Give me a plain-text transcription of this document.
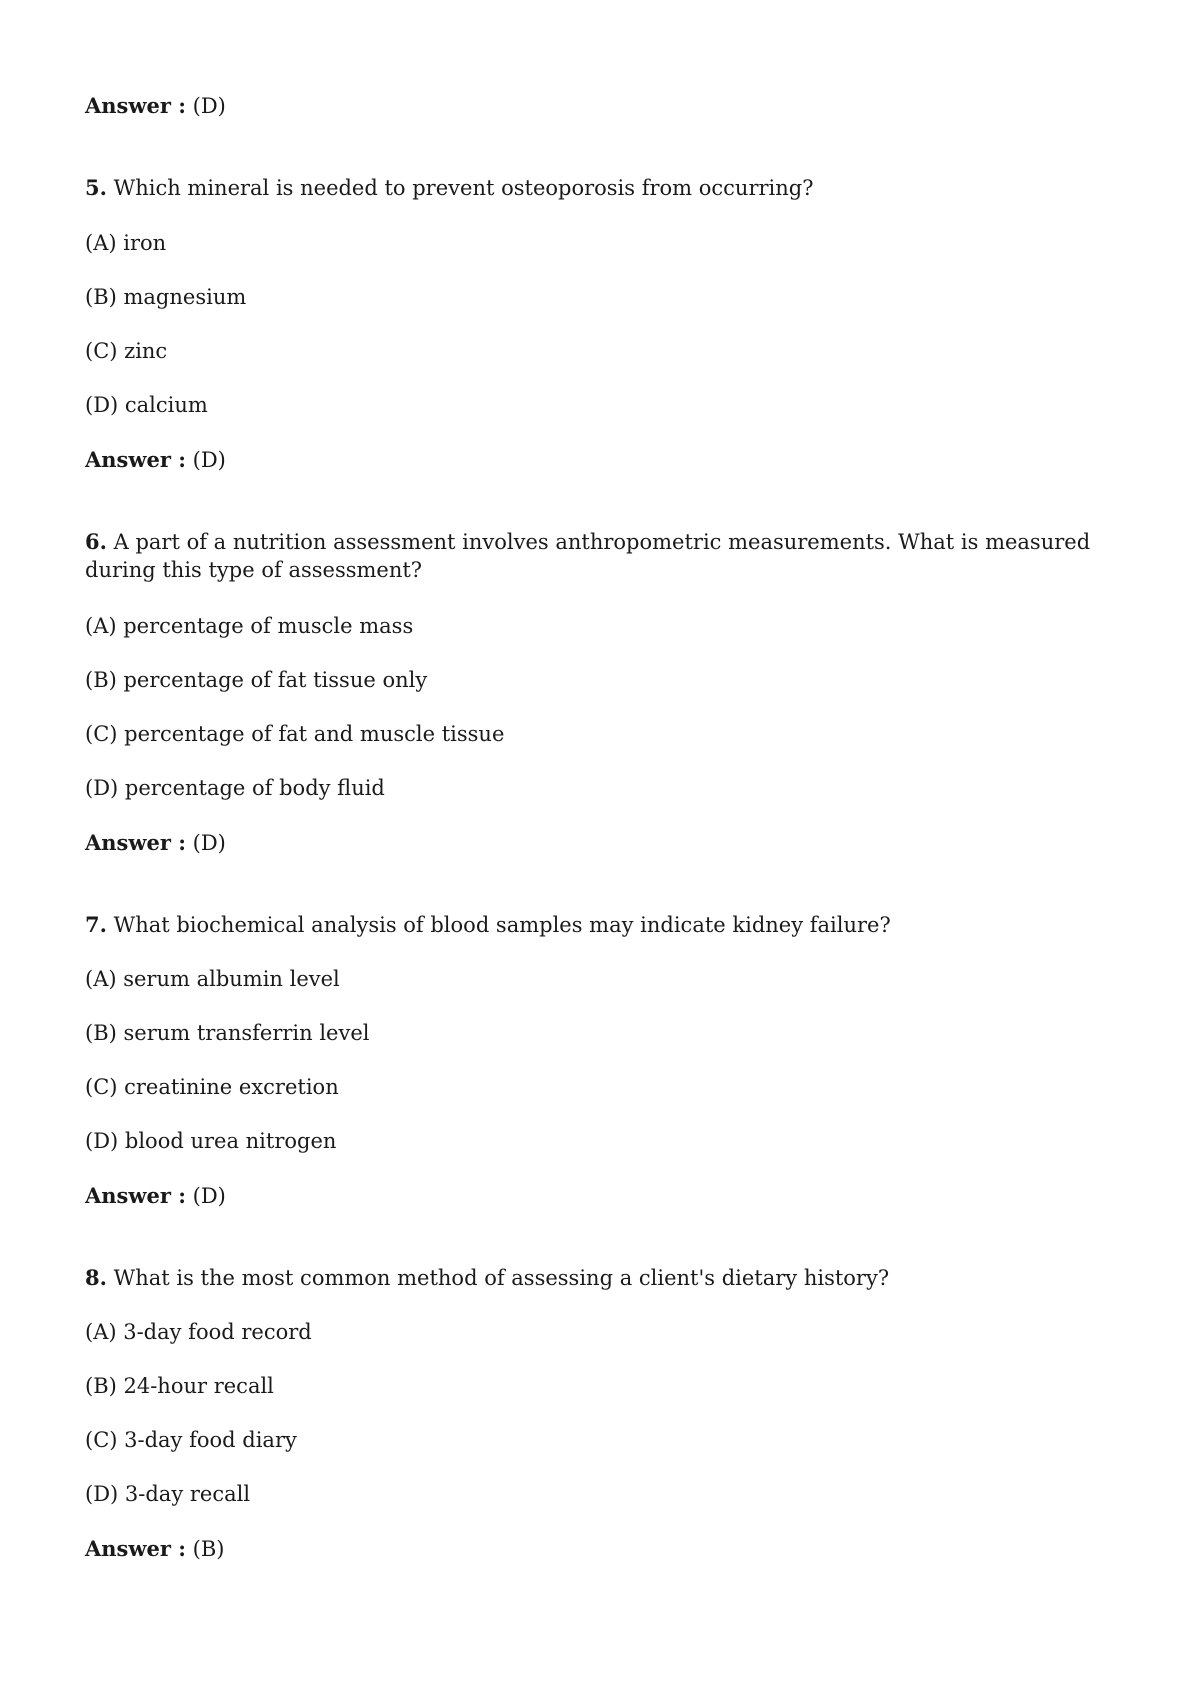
Answer : (D)

5. Which mineral is needed to prevent osteoporosis from occurring?

(A) iron

(B) magnesium

(C) zinc

(D) calcium

Answer : (D)

6. A part of a nutrition assessment involves anthropometric measurements. What is measured during this type of assessment?

(A) percentage of muscle mass

(B) percentage of fat tissue only

(C) percentage of fat and muscle tissue

(D) percentage of body fluid

Answer : (D)

7. What biochemical analysis of blood samples may indicate kidney failure?

(A) serum albumin level

(B) serum transferrin level

(C) creatinine excretion

(D) blood urea nitrogen

Answer : (D)

8. What is the most common method of assessing a client's dietary history?

(A) 3-day food record

(B) 24-hour recall

(C) 3-day food diary

(D) 3-day recall

Answer : (B)
